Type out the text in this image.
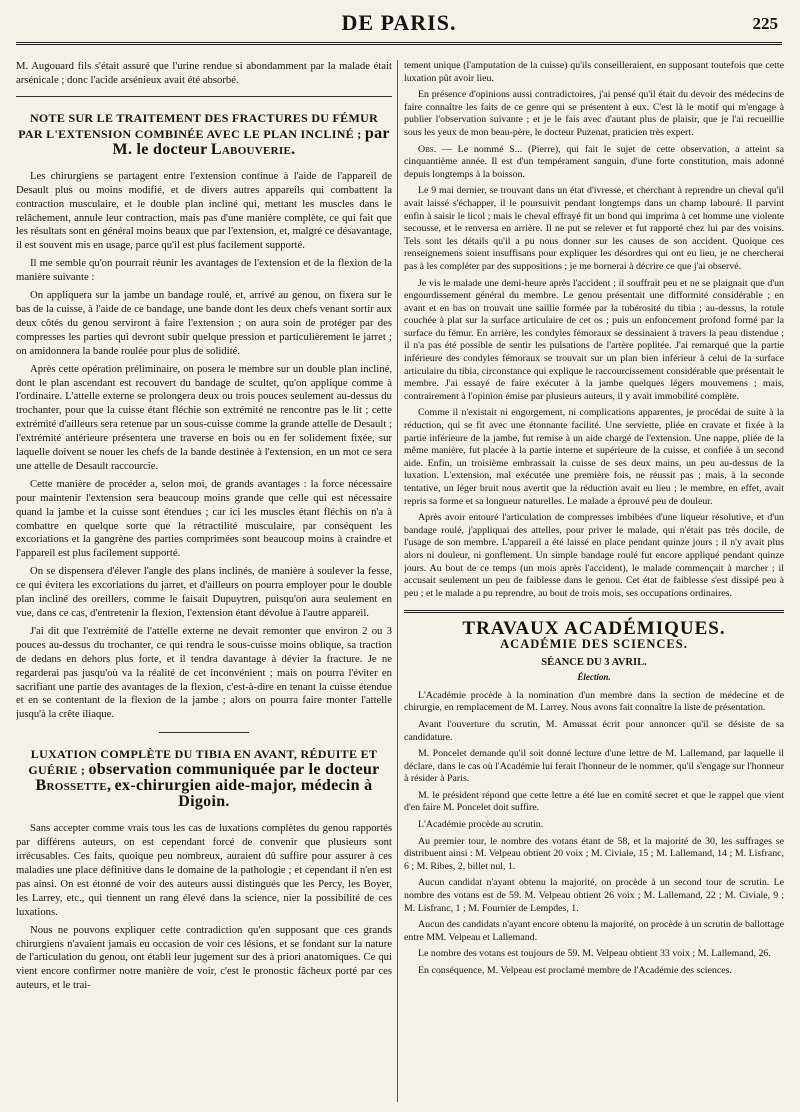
DE PARIS.	225

M. Augouard fils s'était assuré que l'urine rendue si abondamment par la malade était arsénicale ; donc l'acide arsénieux avait été absorbé.

NOTE SUR LE TRAITEMENT DES FRACTURES DU FÉMUR PAR L'EXTENSION COMBINÉE AVEC LE PLAN INCLINÉ ; par M. le docteur Labouverie.

Les chirurgiens se partagent entre l'extension continue à l'aide de l'appareil de Desault plus ou moins modifié, et de divers autres appareils qui combattent la contraction musculaire, et le double plan incliné qui, mettant les muscles dans le relâchement, annule leur contraction, mais pas d'une manière complète, ce qui fait que les résultats sont en général moins beaux que par l'extension, et, malgré ce désavantage, il est souvent mis en usage, parce qu'il est plus facilement supporté.

Il me semble qu'on pourrait réunir les avantages de l'extension et de la flexion de la manière suivante :

On appliquera sur la jambe un bandage roulé, et, arrivé au genou, on fixera sur le bas de la cuisse, à l'aide de ce bandage, une bande dont les deux chefs venant sortir aux deux côtés du genou serviront à faire l'extension ; on aura soin de protéger par des compresses les parties qui devront subir quelque pression et particulièrement le jarret ; on amidonnera la bande roulée pour plus de solidité.

Après cette opération préliminaire, on posera le membre sur un double plan incliné, dont le plan ascendant est recouvert du bandage de scultet, qu'on applique comme à l'ordinaire. L'attelle externe se prolongera deux ou trois pouces seulement au-dessus du trochanter, pour que la cuisse étant fléchie son extrémité ne rencontre pas le lit ; cette extrémité d'ailleurs sera retenue par un sous-cuisse comme la grande attelle de Desault ; l'extrémité antérieure présentera une traverse en bois ou en fer solidement fixée, sur laquelle doivent se nouer les chefs de la bande destinée à l'extension, en un mot ce sera une attelle de Desault raccourcie.

Cette manière de procéder a, selon moi, de grands avantages : la force nécessaire pour maintenir l'extension sera beaucoup moins grande que celle qui est nécessaire quand la jambe et la cuisse sont étendues ; car ici les muscles étant fléchis on n'a à combattre en quelque sorte que la rétractilité musculaire, par conséquent les excoriations et la gangrène des parties comprimées sont beaucoup moins à craindre et l'appareil est plus facilement supporté.

On se dispensera d'élever l'angle des plans inclinés, de manière à soulever la fesse, ce qui évitera les excoriations du jarret, et d'ailleurs on pourra employer pour le double plan incliné des oreillers, comme le faisait Dupuytren, puisqu'on aura seulement en vue, dans ce cas, d'entretenir la flexion, l'extension étant dévolue à l'autre appareil.

J'ai dit que l'extrémité de l'attelle externe ne devait remonter que environ 2 ou 3 pouces au-dessus du trochanter, ce qui rendra le sous-cuisse moins oblique, sa traction de dedans en dehors plus forte, et il tendra davantage à dévier la fracture. Je ne regarderai pas jusqu'où va la réalité de cet inconvénient ; mais on pourra l'éviter en sacrifiant une partie des avantages de la flexion, c'est-à-dire en tenant la cuisse étendue et en se contentant de la flexion de la jambe ; alors on pourra faire monter l'attelle jusqu'à la crête iliaque.

LUXATION COMPLÈTE DU TIBIA EN AVANT, RÉDUITE ET GUÉRIE ; observation communiquée par le docteur Brossette, ex-chirurgien aide-major, médecin à Digoin.

Sans accepter comme vrais tous les cas de luxations complètes du genou rapportés par différens auteurs, on est cependant forcé de convenir que plusieurs sont irrécusables. Ces faits, quoique peu nombreux, auraient dû suffire pour assurer à ces maladies une place définitive dans le domaine de la pathologie ; et cependant il n'en est pas ainsi. On est étonné de voir des auteurs aussi distingués que les Percy, les Boyer, les Larrey, etc., qui tiennent un rang élevé dans la science, nier la possibilité de ces luxations.

Nous ne pouvons expliquer cette contradiction qu'en supposant que ces grands chirurgiens n'avaient jamais eu occasion de voir ces lésions, et se fondant sur la nature de l'articulation du genou, ont établi leur jugement sur des à priori anatomiques. Ce qui vient encore confirmer notre manière de voir, c'est le pronostic fâcheux porté par ces auteurs, et le trai-

tement unique (l'amputation de la cuisse) qu'ils conseilleraient, en supposant toutefois que cette luxation pût avoir lieu.

En présence d'opinions aussi contradictoires, j'ai pensé qu'il était du devoir des médecins de faire connaître les faits de ce genre qui se présentent à eux. C'est là le motif qui m'engage à publier l'observation suivante ; et je le fais avec d'autant plus de plaisir, que je l'ai recueillie sous les yeux de mon beau-père, le docteur Puzenat, praticien très expert.

Obs. — Le nommé S... (Pierre), qui fait le sujet de cette observation, a atteint sa cinquantième année. Il est d'un tempérament sanguin, d'une forte constitution, mais adonné depuis longtemps à la boisson.

Le 9 mai dernier, se trouvant dans un état d'ivresse, et cherchant à reprendre un cheval qu'il avait laissé s'échapper, il le poursuivit pendant longtemps dans un champ labouré. Il parvint enfin à saisir le licol ; mais le cheval effrayé fit un bond qui imprima à cet homme une violente secousse, et le renversa en arrière. Il ne put se relever et fut rapporté chez lui par des voisins. Tels sont les détails qu'il a pu nous donner sur les causes de son accident. Quoique ces renseignemens soient insuffisans pour expliquer les désordres qui ont eu lieu, je ne chercherai pas à les compléter par des suppositions ; je me bornerai à décrire ce que j'ai observé.

Je vis le malade une demi-heure après l'accident ; il souffrait peu et ne se plaignait que d'un engourdissement général du membre. Le genou présentait une difformité considérable ; en avant et en bas on trouvait une saillie formée par la tubérosité du tibia ; au-dessus, la rotule couchée à plat sur la surface articulaire de cet os ; puis un enfoncement profond formé par la surface du fémur. En arrière, les condyles fémoraux se dessinaient à travers la peau distendue ; il n'a pas été possible de sentir les pulsations de l'artère poplitée. J'ai remarqué que la partie inférieure des condyles fémoraux se trouvait sur un plan bien inférieur à celui de la surface articulaire du tibia, circonstance qui explique le raccourcissement considérable que présentait le membre. J'ai essayé de faire exécuter à la jambe quelques légers mouvemens ; mais, contrairement à l'opinion émise par plusieurs auteurs, il y avait immobilité complète.

Comme il n'existait ni engorgement, ni complications apparentes, je procédai de suite à la réduction, qui se fit avec une étonnante facilité. Une serviette, pliée en cravate et fixée à la partie inférieure de la jambe, fut remise à un aide chargé de l'extension. Une nappe, pliée de la même manière, fut placée à la partie interne et supérieure de la cuisse, et confiée à un second aide. Enfin, un troisième embrassait la cuisse de ses deux mains, un peu au-dessus de la luxation. L'extension, mal exécutée une première fois, ne réussit pas ; mais, à la seconde tentative, un léger bruit nous avertit que la réduction avait eu lieu ; le membre, en effet, avait repris sa forme et sa longueur naturelles. Le malade a éprouvé peu de douleur.

Après avoir entouré l'articulation de compresses imbibées d'une liqueur résolutive, et d'un bandage roulé, j'appliquai des attelles, pour priver le malade, qui n'était pas très docile, de l'usage de son membre. L'appareil a été laissé en place pendant quinze jours ; il n'y avait plus alors ni douleur, ni gonflement. Un simple bandage roulé fut encore appliqué pendant quinze jours. Au bout de ce temps (un mois après l'accident), le malade commençait à marcher ; il accusait seulement un peu de faiblesse dans le genou. Cet état de faiblesse s'est dissipé peu à peu ; et le malade a pu reprendre, au bout de trois mois, ses occupations ordinaires.

TRAVAUX ACADÉMIQUES.
ACADÉMIE DES SCIENCES.
SÉANCE DU 3 AVRIL.
Élection.

L'Académie procède à la nomination d'un membre dans la section de médecine et de chirurgie, en remplacement de M. Larrey. Nous avons fait connaître la liste de présentation.

Avant l'ouverture du scrutin, M. Amussat écrit pour annoncer qu'il se désiste de sa candidature.

M. Poncelet demande qu'il soit donné lecture d'une lettre de M. Lallemand, par laquelle il déclare, dans le cas où l'Académie lui ferait l'honneur de le nommer, qu'il s'engage sur l'honneur à résider à Paris.

M. le président répond que cette lettre a été lue en comité secret et que le rappel que vient d'en faire M. Poncelet doit suffire.

L'Académie procède au scrutin.

Au premier tour, le nombre des votans étant de 58, et la majorité de 30, les suffrages se distribuent ainsi : M. Velpeau obtient 20 voix ; M. Civiale, 15 ; M. Lallemand, 14 ; M. Lisfranc, 6 ; M. Ribes, 2, billet nul, 1.

Aucun candidat n'ayant obtenu la majorité, on procède à un second tour de scrutin. Le nombre des votans est de 59. M. Velpeau obtient 26 voix ; M. Lallemand, 22 ; M. Civiale, 9 ; M. Lisfranc, 1 ; M. Fournier de Lempdes, 1.

Aucun des candidats n'ayant encore obtenu la majorité, on procède à un scrutin de ballottage entre MM. Velpeau et Lallemand.

Le nombre des votans est toujours de 59. M. Velpeau obtient 33 voix ; M. Lallemand, 26.

En conséquence, M. Velpeau est proclamé membre de l'Académie des sciences.
